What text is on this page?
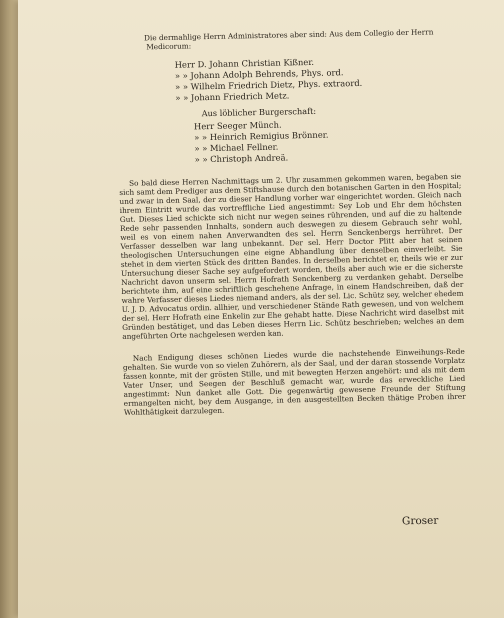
Die dermahlige Herrn Administratores aber sind: Aus dem Collegio der Herrn Medicorum:
Herr D. Johann Christian Kißner.
» » Johann Adolph Behrends, Phys. ord.
» » Wilhelm Friedrich Dietz, Phys. extraord.
» » Johann Friedrich Metz.
Aus löblicher Burgerschaft:
Herr Seeger Münch.
» » Heinrich Remigius Brönner.
» » Michael Fellner.
» » Christoph Andreä.

So bald diese Herren Nachmittags um 2. Uhr zusammen gekommen waren, begaben sie sich samt dem Prediger aus dem Stiftshause durch den botanischen Garten in den Hospital; und zwar in den Saal, der zu dieser Handlung vorher war eingerichtet worden. Gleich nach ihrem Eintritt wurde das vortreffliche Lied angestimmt: Sey Lob und Ehr dem höchsten Gut. Dieses Lied schickte sich nicht nur wegen seines rührenden, und auf die zu haltende Rede sehr passenden Innhalts, sondern auch deswegen zu diesem Gebrauch sehr wohl, weil es von einem nahen Anverwandten des sel. Herrn Senckenbergs herrühret. Der Verfasser desselben war lang unbekannt. Der sel. Herr Doctor Plitt aber hat seinen theologischen Untersuchungen eine eigne Abhandlung über denselben einverleibt. Sie stehet in dem vierten Stück des dritten Bandes. In derselben berichtet er, theils wie er zur Untersuchung dieser Sache sey aufgefordert worden, theils aber auch wie er die sicherste Nachricht davon unserm sel. Herrn Hofrath Senckenberg zu verdanken gehabt. Derselbe berichtete ihm, auf eine schriftlich geschehene Anfrage, in einem Handschreiben, daß der wahre Verfasser dieses Liedes niemand anders, als der sel. Lic. Schütz sey, welcher ehedem U. J. D. Advocatus ordin. allhier, und verschiedener Stände Rath gewesen, und von welchem der sel. Herr Hofrath eine Enkelin zur Ehe gehabt hatte. Diese Nachricht wird daselbst mit Gründen bestätiget, und das Leben dieses Herrn Lic. Schütz beschrieben; welches an dem angeführten Orte nachgelesen werden kan.

Nach Endigung dieses schönen Liedes wurde die nachstehende Einweihungs-Rede gehalten. Sie wurde von so vielen Zuhörern, als der Saal, und der daran stossende Vorplatz fassen konnte, mit der grösten Stille, und mit bewegten Herzen angehört: und als mit dem Vater Unser, und Seegen der Beschluß gemacht war, wurde das erweckliche Lied angestimmt: Nun danket alle Gott. Die gegenwärtig gewesene Freunde der Stiftung ermangelten nicht, bey dem Ausgange, in den ausgestellten Becken thätige Proben ihrer Wohlthätigkeit darzulegen.

Groser
